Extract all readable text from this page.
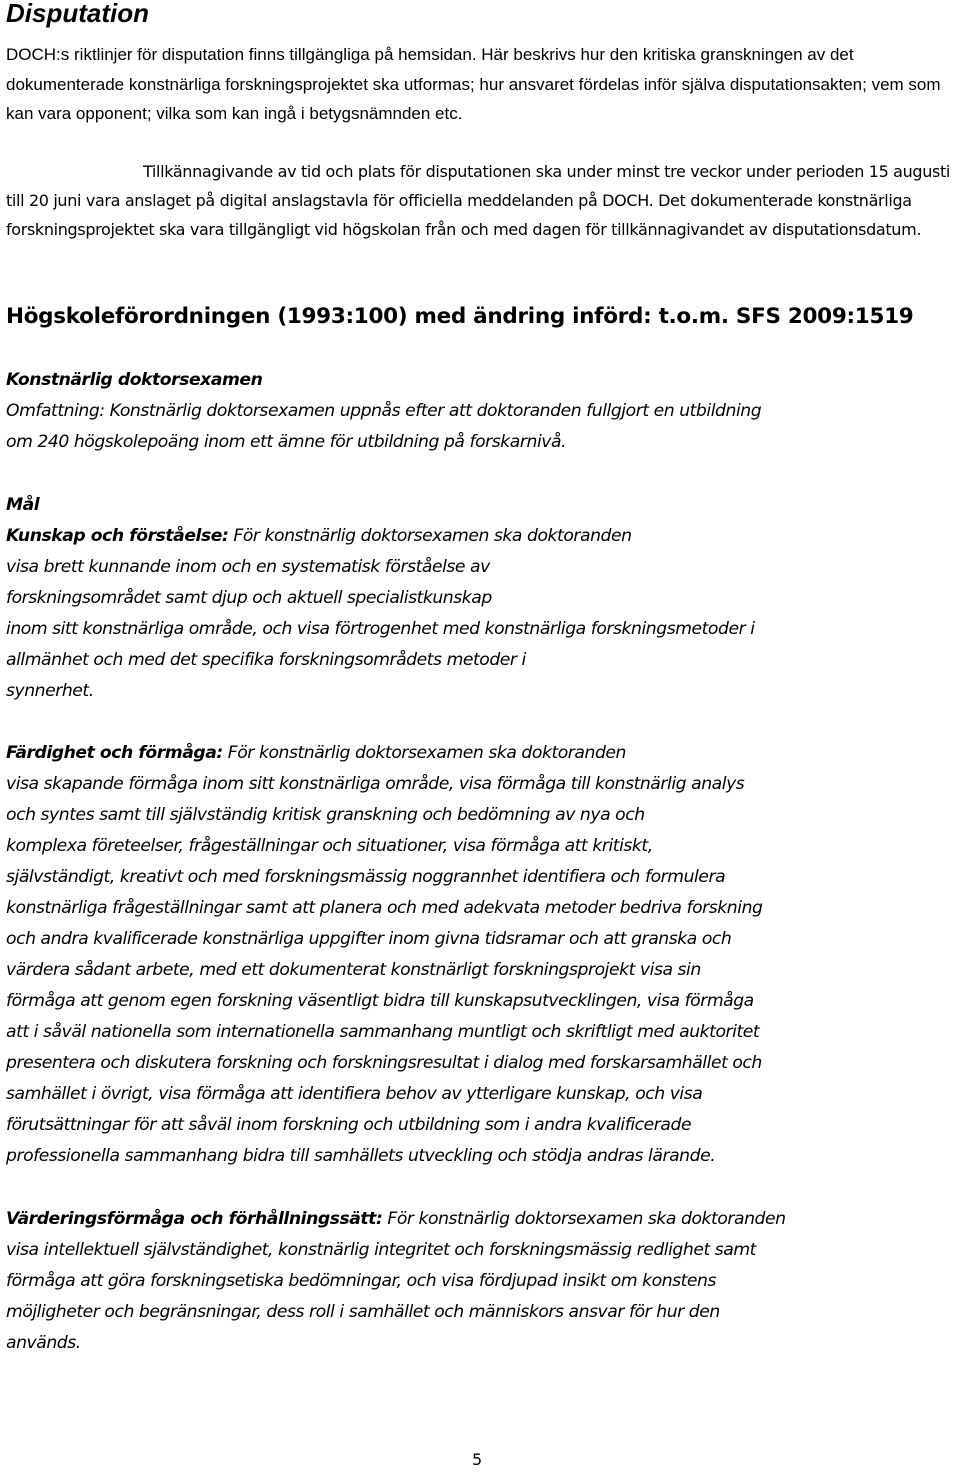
Disputation

DOCH:s riktlinjer för disputation finns tillgängliga på hemsidan. Här beskrivs hur den kritiska granskningen av det dokumenterade konstnärliga forskningsprojektet ska utformas; hur ansvaret fördelas inför själva disputationsakten; vem som kan vara opponent; vilka som kan ingå i betygsnämnden etc.

Tillkännagivande av tid och plats för disputationen ska under minst tre veckor under perioden 15 augusti till 20 juni vara anslaget på digital anslagstavla för officiella meddelanden på DOCH. Det dokumenterade konstnärliga forskningsprojektet ska vara tillgängligt vid högskolan från och med dagen för tillkännagivandet av disputationsdatum.

Högskoleförordningen (1993:100) med ändring införd: t.o.m. SFS 2009:1519
Konstnärlig doktorsexamen
Omfattning: Konstnärlig doktorsexamen uppnås efter att doktoranden fullgjort en utbildning
om 240 högskolepoäng inom ett ämne för utbildning på forskarnivå.
Mål
Kunskap och förståelse: För konstnärlig doktorsexamen ska doktoranden
visa brett kunnande inom och en systematisk förståelse av
forskningsområdet samt djup och aktuell specialistkunskap
inom sitt konstnärliga område, och visa förtrogenhet med konstnärliga forskningsmetoder i
allmänhet och med det specifika forskningsområdets metoder i
synnerhet.
Färdighet och förmåga: För konstnärlig doktorsexamen ska doktoranden
visa skapande förmåga inom sitt konstnärliga område, visa förmåga till konstnärlig analys
och syntes samt till självständig kritisk granskning och bedömning av nya och
komplexa företeelser, frågeställningar och situationer, visa förmåga att kritiskt,
självständigt, kreativt och med forskningsmässig noggrannhet identifiera och formulera
konstnärliga frågeställningar samt att planera och med adekvata metoder bedriva forskning
och andra kvalificerade konstnärliga uppgifter inom givna tidsramar och att granska och
värdera sådant arbete, med ett dokumenterat konstnärligt forskningsprojekt visa sin
förmåga att genom egen forskning väsentligt bidra till kunskapsutvecklingen, visa förmåga
att i såväl nationella som internationella sammanhang muntligt och skriftligt med auktoritet
presentera och diskutera forskning och forskningsresultat i dialog med forskarsamhället och
samhället i övrigt, visa förmåga att identifiera behov av ytterligare kunskap, och visa
förutsättningar för att såväl inom forskning och utbildning som i andra kvalificerade
professionella sammanhang bidra till samhällets utveckling och stödja andras lärande.
Värderingsförmåga och förhållningssätt: För konstnärlig doktorsexamen ska doktoranden
visa intellektuell självständighet, konstnärlig integritet och forskningsmässig redlighet samt
förmåga att göra forskningsetiska bedömningar, och visa fördjupad insikt om konstens
möjligheter och begränsningar, dess roll i samhället och människors ansvar för hur den
används.
5
